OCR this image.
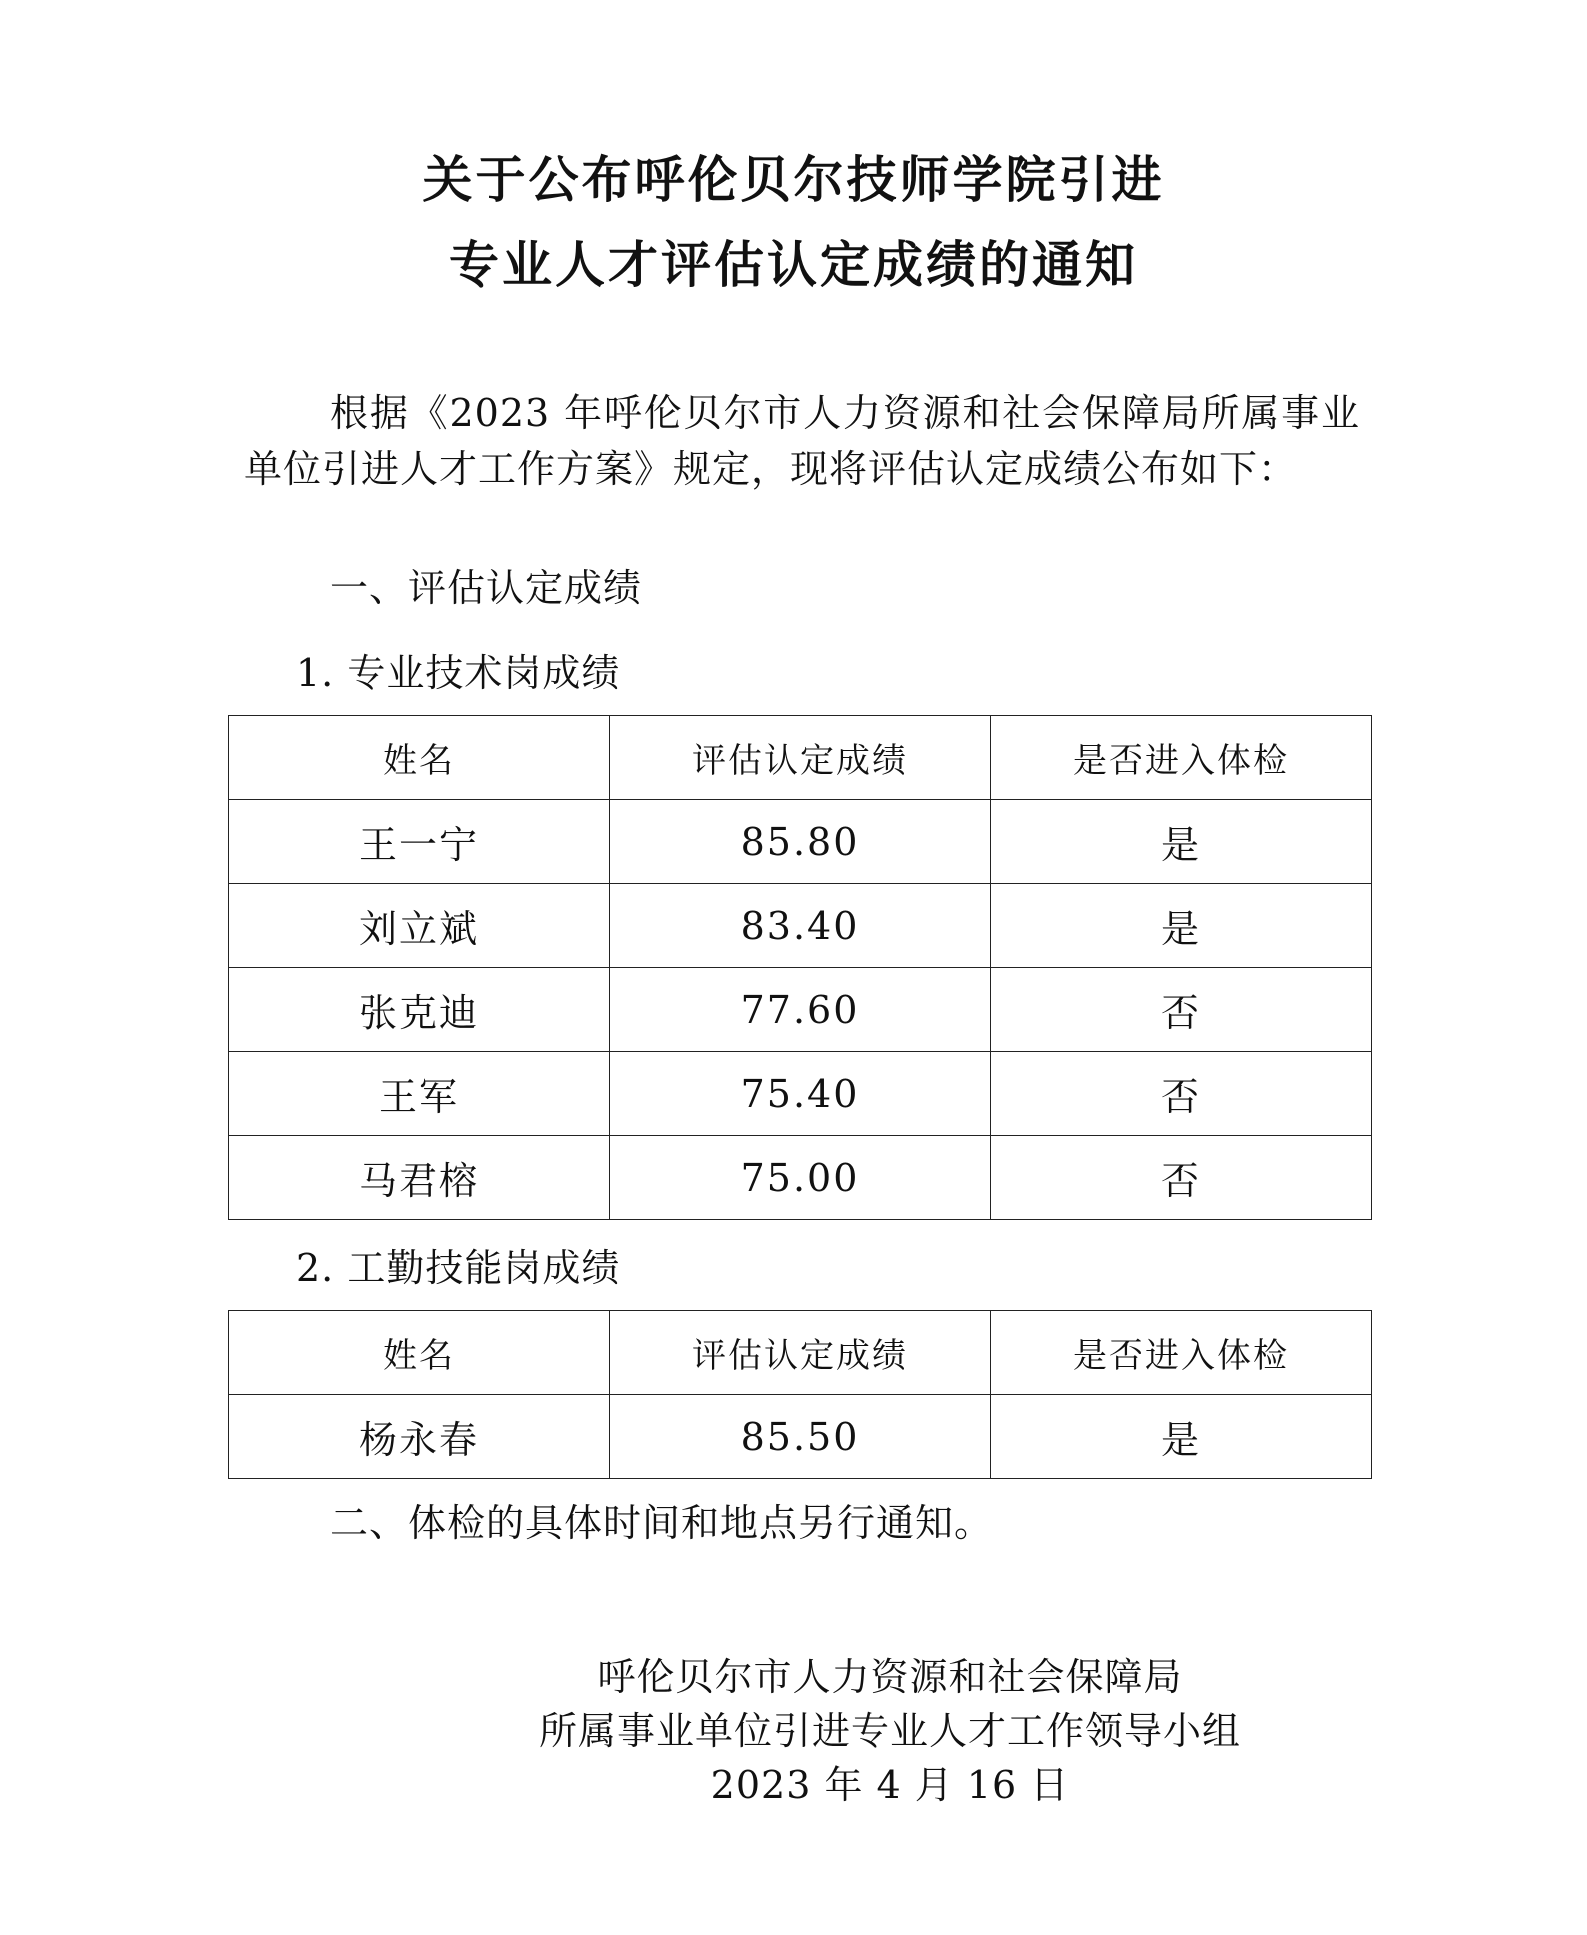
关于公布呼伦贝尔技师学院引进
专业人才评估认定成绩的通知
根据《2023 年呼伦贝尔市人力资源和社会保障局所属事业单位引进人才工作方案》规定，现将评估认定成绩公布如下：
一、评估认定成绩
1. 专业技术岗成绩
姓名	评估认定成绩	是否进入体检
王一宁	85.80	是
刘立斌	83.40	是
张克迪	77.60	否
王军	75.40	否
马君榕	75.00	否
2. 工勤技能岗成绩
姓名	评估认定成绩	是否进入体检
杨永春	85.50	是
二、体检的具体时间和地点另行通知。
呼伦贝尔市人力资源和社会保障局
所属事业单位引进专业人才工作领导小组
2023 年 4 月 16 日
